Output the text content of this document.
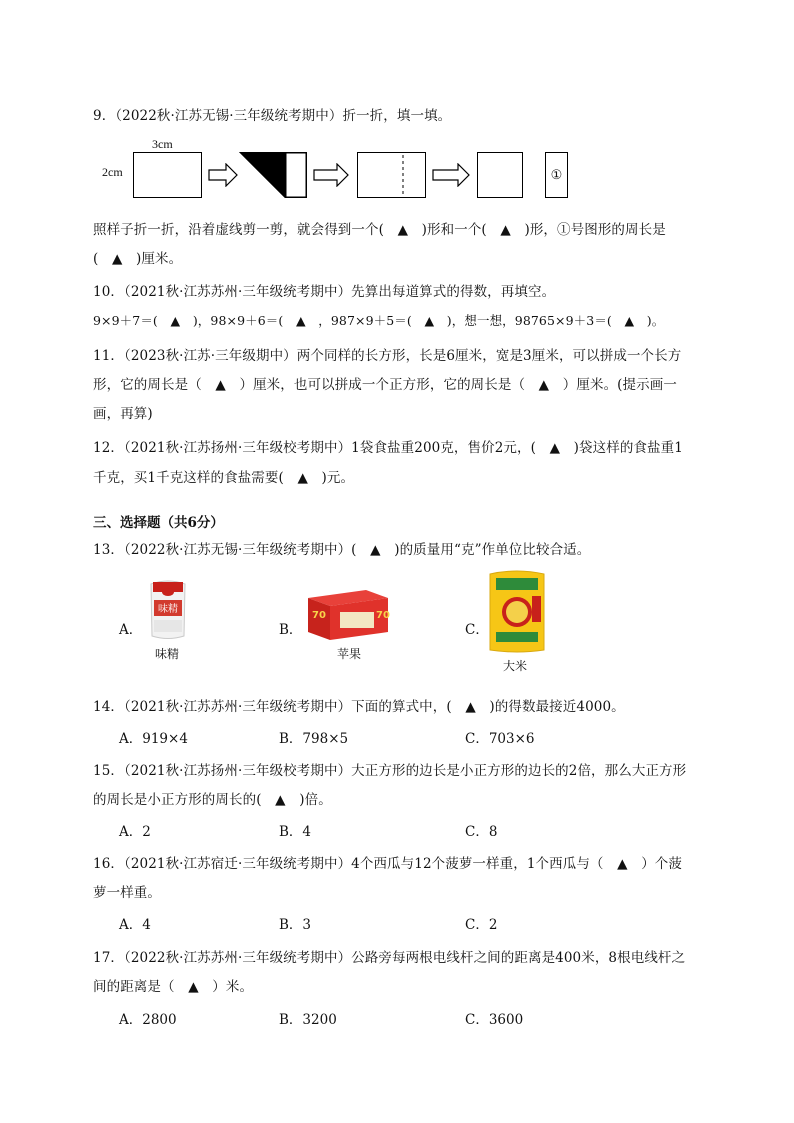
9．（2022秋·江苏无锡·三年级统考期中）折一折，填一填。
3cm
2cm	①
照样子折一折，沿着虚线剪一剪，就会得到一个(　▲　)形和一个(　▲　)形，①号图形的周长是
(　▲　)厘米。
10．（2021秋·江苏苏州·三年级统考期中）先算出每道算式的得数，再填空。
9×9＋7＝(　▲　)，98×9＋6＝(　▲　，987×9＋5＝(　▲　)，想一想，98765×9＋3＝(　▲　)。
11．（2023秋·江苏·三年级期中）两个同样的长方形，长是6厘米，宽是3厘米，可以拼成一个长方
形，它的周长是（　▲　）厘米，也可以拼成一个正方形，它的周长是（　▲　）厘米。(提示画一
画，再算)
12．（2021秋·江苏扬州·三年级校考期中）1袋食盐重200克，售价2元，(　▲　)袋这样的食盐重1
千克，买1千克这样的食盐需要(　▲　)元。
三、选择题（共6分）
13．（2022秋·江苏无锡·三年级统考期中）(　▲　)的质量用“克”作单位比较合适。
A．
味精
味精
B．
70	70
苹果
C．
大米
14．（2021秋·江苏苏州·三年级统考期中）下面的算式中，(　▲　)的得数最接近4000。
A．919×4	B．798×5	C．703×6
15．（2021秋·江苏扬州·三年级校考期中）大正方形的边长是小正方形的边长的2倍，那么大正方形
的周长是小正方形的周长的(　▲　)倍。
A．2	B．4	C．8
16．（2021秋·江苏宿迁·三年级统考期中）4个西瓜与12个菠萝一样重，1个西瓜与（　▲　）个菠
萝一样重。
A．4	B．3	C．2
17．（2022秋·江苏苏州·三年级统考期中）公路旁每两根电线杆之间的距离是400米，8根电线杆之
间的距离是（　▲　）米。
A．2800	B．3200	C．3600
